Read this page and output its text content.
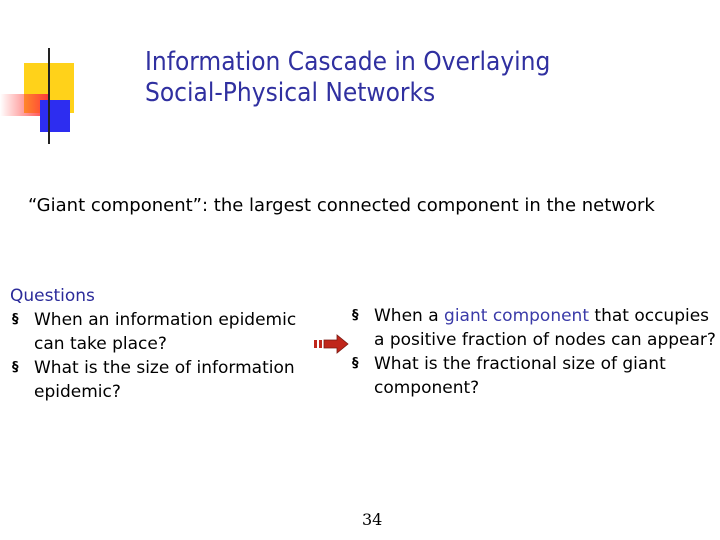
Information Cascade in Overlaying
Social-Physical Networks
“Giant component”: the largest connected component in the network
Questions
§ When an information epidemic can take place?
§ What is the size of information epidemic?
§ When a giant component that occupies a positive fraction of nodes can appear?
§ What is the fractional size of giant component?
34
